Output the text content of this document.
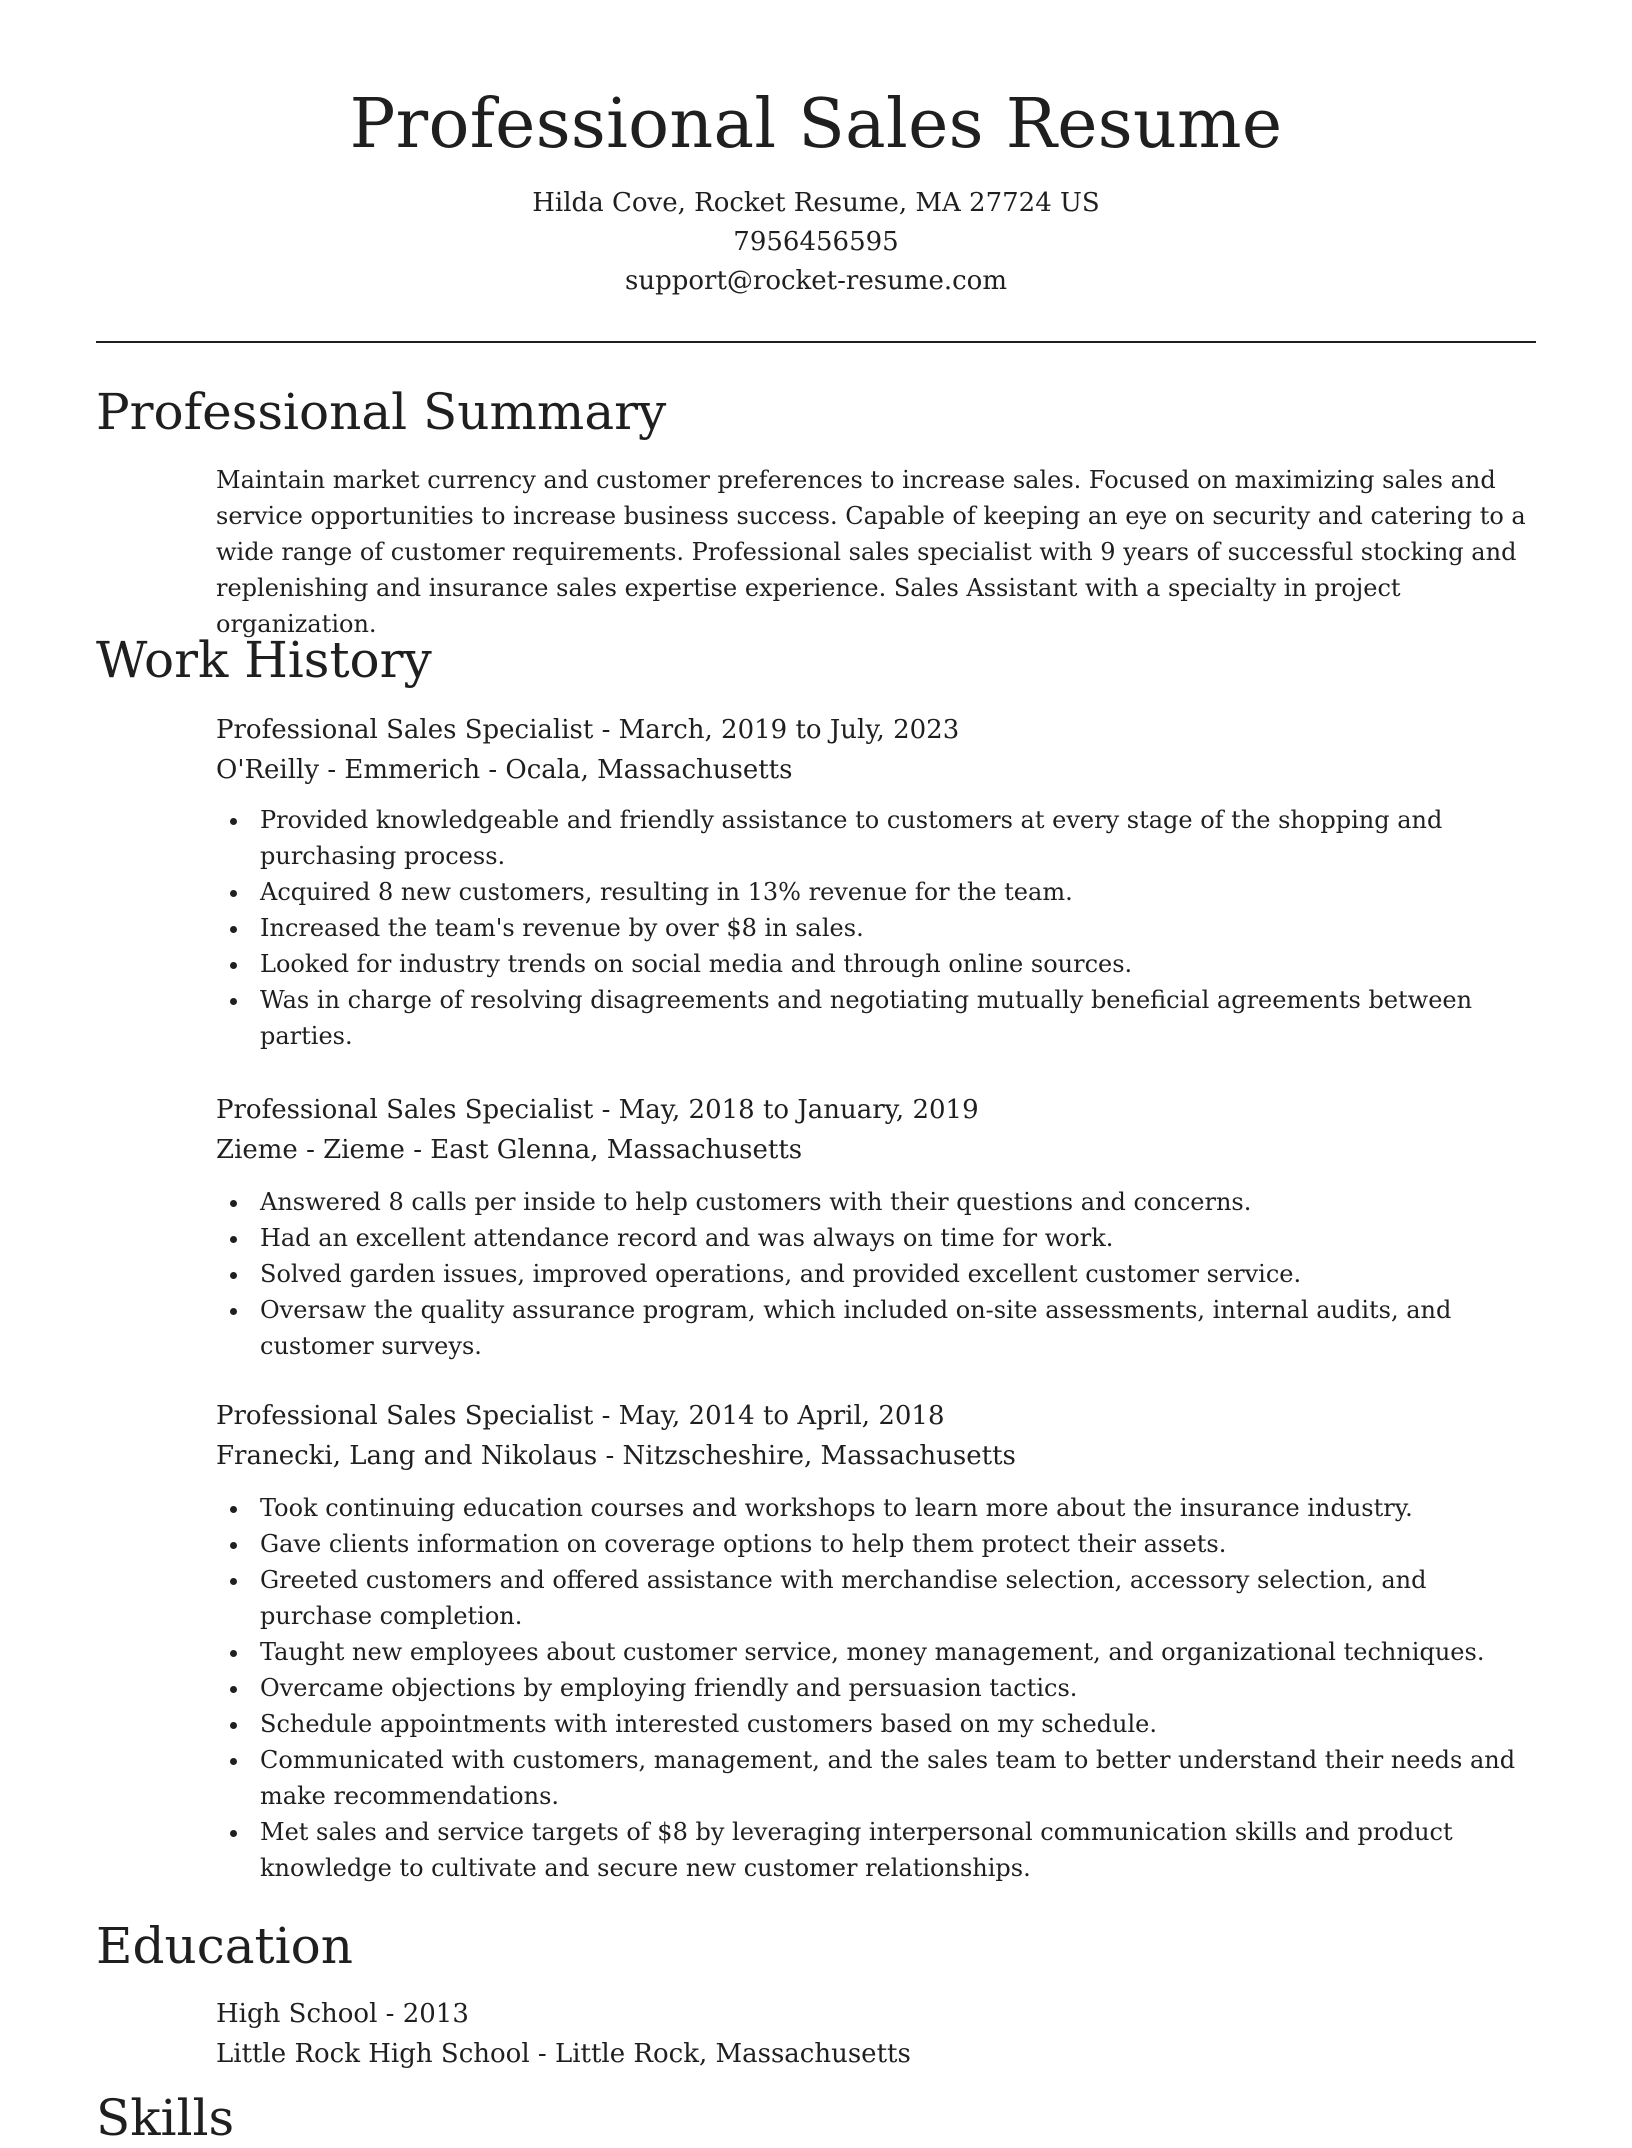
Professional Sales Resume

Hilda Cove, Rocket Resume, MA 27724 US

7956456595

support@rocket-resume.com

Professional Summary

Maintain market currency and customer preferences to increase sales. Focused on maximizing sales and service opportunities to increase business success. Capable of keeping an eye on security and catering to a wide range of customer requirements. Professional sales specialist with 9 years of successful stocking and replenishing and insurance sales expertise experience. Sales Assistant with a specialty in project organization.

Work History

Professional Sales Specialist - March, 2019 to July, 2023

O'Reilly - Emmerich - Ocala, Massachusetts

Provided knowledgeable and friendly assistance to customers at every stage of the shopping and purchasing process.
Acquired 8 new customers, resulting in 13% revenue for the team.
Increased the team's revenue by over $8 in sales.
Looked for industry trends on social media and through online sources.
Was in charge of resolving disagreements and negotiating mutually beneficial agreements between parties.

Professional Sales Specialist - May, 2018 to January, 2019

Zieme - Zieme - East Glenna, Massachusetts

Answered 8 calls per inside to help customers with their questions and concerns.
Had an excellent attendance record and was always on time for work.
Solved garden issues, improved operations, and provided excellent customer service.
Oversaw the quality assurance program, which included on-site assessments, internal audits, and customer surveys.

Professional Sales Specialist - May, 2014 to April, 2018

Franecki, Lang and Nikolaus - Nitzscheshire, Massachusetts

Took continuing education courses and workshops to learn more about the insurance industry.
Gave clients information on coverage options to help them protect their assets.
Greeted customers and offered assistance with merchandise selection, accessory selection, and purchase completion.
Taught new employees about customer service, money management, and organizational techniques.
Overcame objections by employing friendly and persuasion tactics.
Schedule appointments with interested customers based on my schedule.
Communicated with customers, management, and the sales team to better understand their needs and make recommendations.
Met sales and service targets of $8 by leveraging interpersonal communication skills and product knowledge to cultivate and secure new customer relationships.
Education

High School - 2013

Little Rock High School - Little Rock, Massachusetts

Skills
